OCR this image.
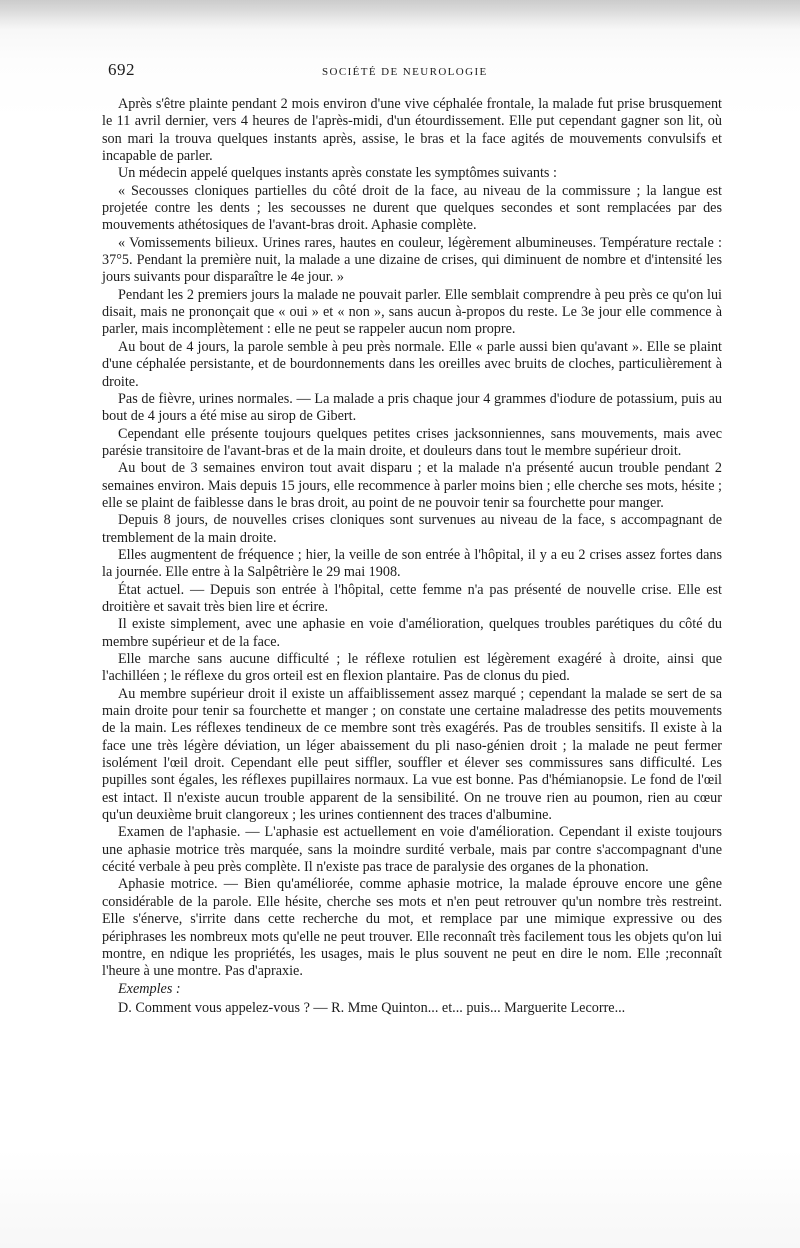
692	SOCIÉTÉ DE NEUROLOGIE

Après s'être plainte pendant 2 mois environ d'une vive céphalée frontale, la malade fut prise brusquement le 11 avril dernier, vers 4 heures de l'après-midi, d'un étourdissement. Elle put cependant gagner son lit, où son mari la trouva quelques instants après, assise, le bras et la face agités de mouvements convulsifs et incapable de parler.

Un médecin appelé quelques instants après constate les symptômes suivants :

« Secousses cloniques partielles du côté droit de la face, au niveau de la commissure ; la langue est projetée contre les dents ; les secousses ne durent que quelques secondes et sont remplacées par des mouvements athétosiques de l'avant-bras droit. Aphasie complète.

« Vomissements bilieux. Urines rares, hautes en couleur, légèrement albumineuses. Température rectale : 37°5. Pendant la première nuit, la malade a une dizaine de crises, qui diminuent de nombre et d'intensité les jours suivants pour disparaître le 4e jour. »

Pendant les 2 premiers jours la malade ne pouvait parler. Elle semblait comprendre à peu près ce qu'on lui disait, mais ne prononçait que « oui » et « non », sans aucun à-propos du reste. Le 3e jour elle commence à parler, mais incomplètement : elle ne peut se rappeler aucun nom propre.

Au bout de 4 jours, la parole semble à peu près normale. Elle « parle aussi bien qu'avant ». Elle se plaint d'une céphalée persistante, et de bourdonnements dans les oreilles avec bruits de cloches, particulièrement à droite.

Pas de fièvre, urines normales. — La malade a pris chaque jour 4 grammes d'iodure de potassium, puis au bout de 4 jours a été mise au sirop de Gibert.

Cependant elle présente toujours quelques petites crises jacksonniennes, sans mouvements, mais avec parésie transitoire de l'avant-bras et de la main droite, et douleurs dans tout le membre supérieur droit.

Au bout de 3 semaines environ tout avait disparu ; et la malade n'a présenté aucun trouble pendant 2 semaines environ. Mais depuis 15 jours, elle recommence à parler moins bien ; elle cherche ses mots, hésite ; elle se plaint de faiblesse dans le bras droit, au point de ne pouvoir tenir sa fourchette pour manger.

Depuis 8 jours, de nouvelles crises cloniques sont survenues au niveau de la face, s accompagnant de tremblement de la main droite.

Elles augmentent de fréquence ; hier, la veille de son entrée à l'hôpital, il y a eu 2 crises assez fortes dans la journée. Elle entre à la Salpêtrière le 29 mai 1908.

État actuel. — Depuis son entrée à l'hôpital, cette femme n'a pas présenté de nouvelle crise. Elle est droitière et savait très bien lire et écrire.

Il existe simplement, avec une aphasie en voie d'amélioration, quelques troubles parétiques du côté du membre supérieur et de la face.

Elle marche sans aucune difficulté ; le réflexe rotulien est légèrement exagéré à droite, ainsi que l'achilléen ; le réflexe du gros orteil est en flexion plantaire. Pas de clonus du pied.

Au membre supérieur droit il existe un affaiblissement assez marqué ; cependant la malade se sert de sa main droite pour tenir sa fourchette et manger ; on constate une certaine maladresse des petits mouvements de la main. Les réflexes tendineux de ce membre sont très exagérés. Pas de troubles sensitifs. Il existe à la face une très légère déviation, un léger abaissement du pli naso-génien droit ; la malade ne peut fermer isolément l'œil droit. Cependant elle peut siffler, souffler et élever ses commissures sans difficulté. Les pupilles sont égales, les réflexes pupillaires normaux. La vue est bonne. Pas d'hémianopsie. Le fond de l'œil est intact. Il n'existe aucun trouble apparent de la sensibilité. On ne trouve rien au poumon, rien au cœur qu'un deuxième bruit clangoreux ; les urines contiennent des traces d'albumine.

Examen de l'aphasie. — L'aphasie est actuellement en voie d'amélioration. Cependant il existe toujours une aphasie motrice très marquée, sans la moindre surdité verbale, mais par contre s'accompagnant d'une cécité verbale à peu près complète. Il n'existe pas trace de paralysie des organes de la phonation.

Aphasie motrice. — Bien qu'améliorée, comme aphasie motrice, la malade éprouve encore une gêne considérable de la parole. Elle hésite, cherche ses mots et n'en peut retrouver qu'un nombre très restreint. Elle s'énerve, s'irrite dans cette recherche du mot, et remplace par une mimique expressive ou des périphrases les nombreux mots qu'elle ne peut trouver. Elle reconnaît très facilement tous les objets qu'on lui montre, en ndique les propriétés, les usages, mais le plus souvent ne peut en dire le nom. Elle ;reconnaît l'heure à une montre. Pas d'apraxie.

Exemples :

D. Comment vous appelez-vous ? — R. Mme Quinton... et... puis... Marguerite Lecorre...
